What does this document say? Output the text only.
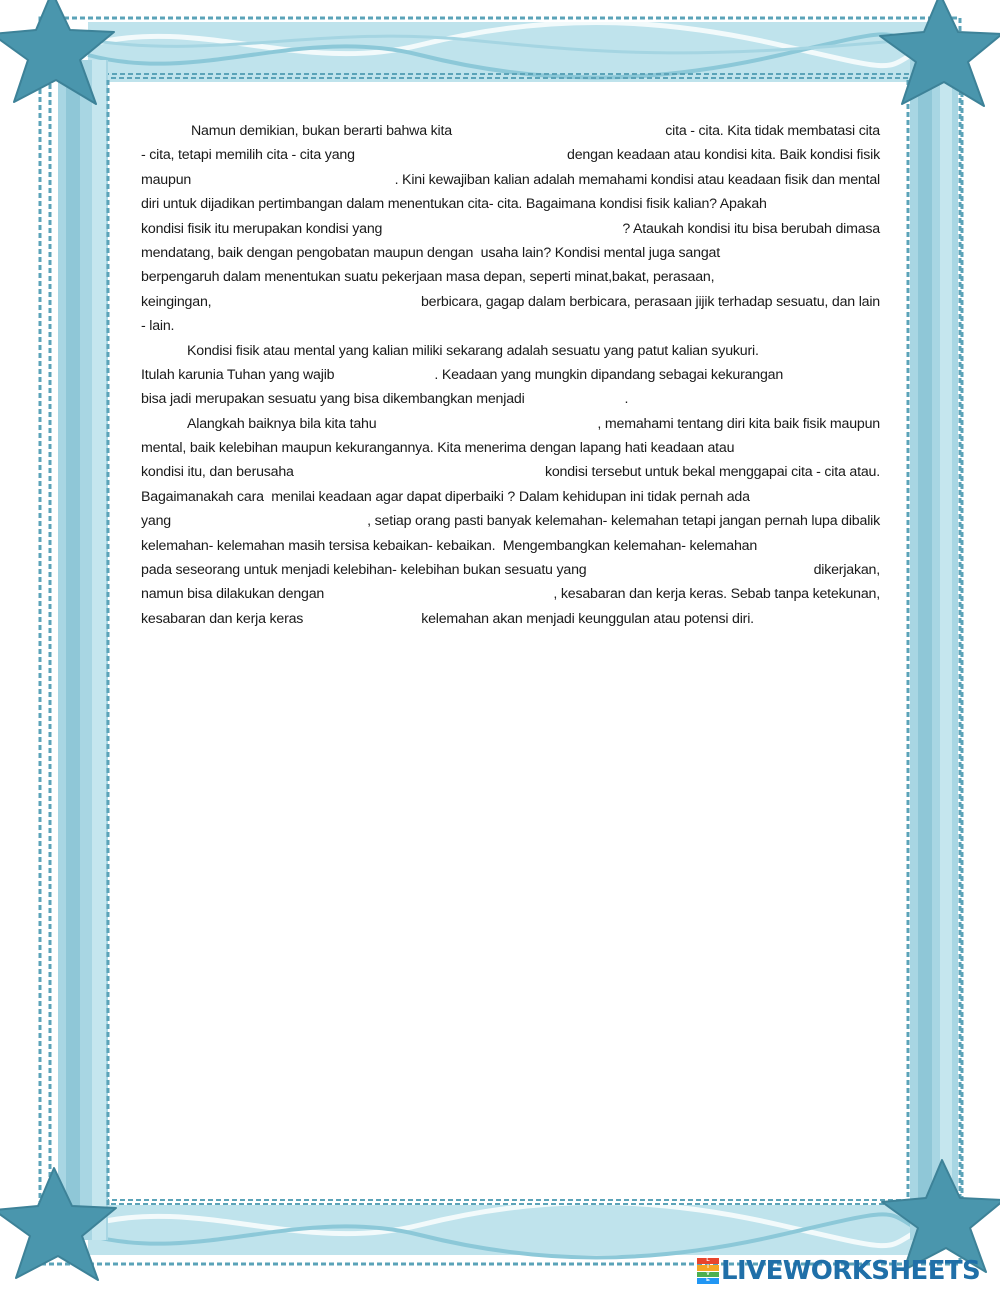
Namun demikian, bukan berarti bahwa kita	cita - cita. Kita tidak membatasi cita
- cita, tetapi memilih cita - cita yang	dengan keadaan atau kondisi kita. Baik kondisi fisik
maupun	. Kini kewajiban kalian adalah memahami kondisi atau keadaan fisik dan mental
diri untuk dijadikan pertimbangan dalam menentukan cita- cita. Bagaimana kondisi fisik kalian? Apakah
kondisi fisik itu merupakan kondisi yang	? Ataukah kondisi itu bisa berubah dimasa
mendatang, baik dengan pengobatan maupun dengan  usaha lain? Kondisi mental juga sangat
berpengaruh dalam menentukan suatu pekerjaan masa depan, seperti minat,bakat, perasaan,
keingingan,	berbicara, gagap dalam berbicara, perasaan jijik terhadap sesuatu, dan lain
- lain.
Kondisi fisik atau mental yang kalian miliki sekarang adalah sesuatu yang patut kalian syukuri.
Itulah karunia Tuhan yang wajib	. Keadaan yang mungkin dipandang sebagai kekurangan
bisa jadi merupakan sesuatu yang bisa dikembangkan menjadi	.
Alangkah baiknya bila kita tahu	, memahami tentang diri kita baik fisik maupun
mental, baik kelebihan maupun kekurangannya. Kita menerima dengan lapang hati keadaan atau
kondisi itu, dan berusaha	kondisi tersebut untuk bekal menggapai cita - cita atau.
Bagaimanakah cara  menilai keadaan agar dapat diperbaiki ? Dalam kehidupan ini tidak pernah ada
yang	, setiap orang pasti banyak kelemahan- kelemahan tetapi jangan pernah lupa dibalik
kelemahan- kelemahan masih tersisa kebaikan- kebaikan.  Mengembangkan kelemahan- kelemahan
pada seseorang untuk menjadi kelebihan- kelebihan bukan sesuatu yang	dikerjakan,
namun bisa dilakukan dengan	, kesabaran dan kerja keras. Sebab tanpa ketekunan,
kesabaran dan kerja keras	kelemahan akan menjadi keunggulan atau potensi diri.
L
I
V
E LIVEWORKSHEETS
